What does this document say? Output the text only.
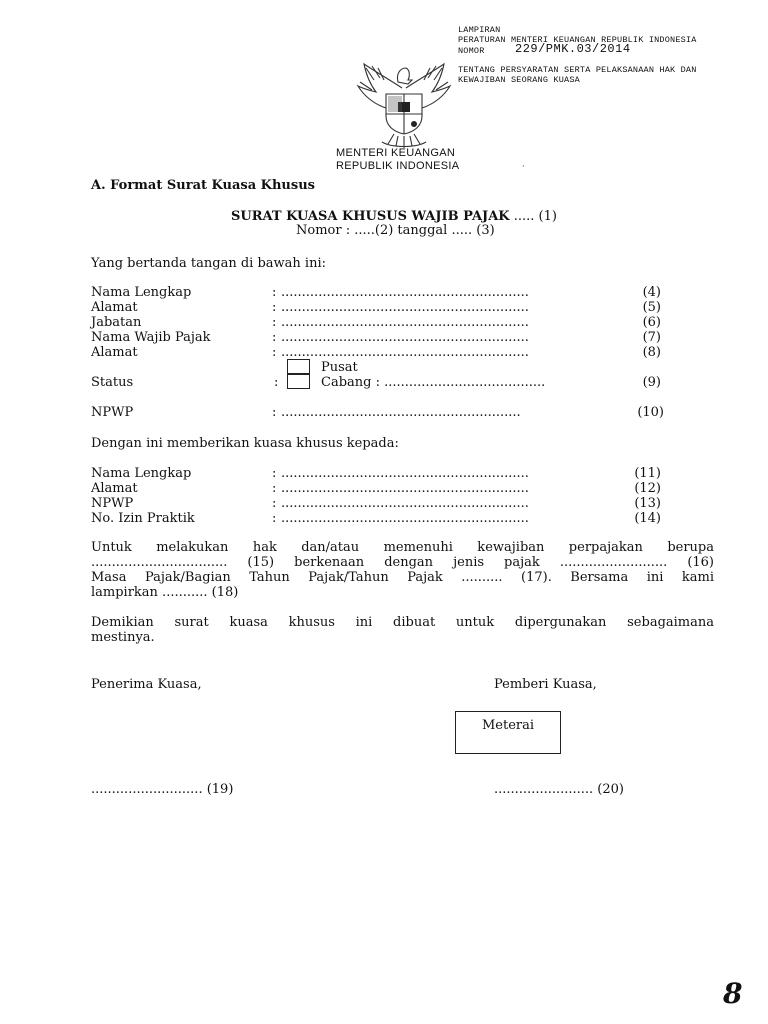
LAMPIRAN
PERATURAN MENTERI KEUANGAN REPUBLIK INDONESIA
NOMOR	229/PMK.03/2014
TENTANG PERSYARATAN SERTA PELAKSANAAN HAK DAN
KEWAJIBAN SEORANG KUASA
MENTERI KEUANGAN
REPUBLIK INDONESIA	·
A. Format Surat Kuasa Khusus
SURAT KUASA KHUSUS WAJIB PAJAK ..... (1)
Nomor : .....(2) tanggal ..... (3)
Yang bertanda tangan di bawah ini:
Nama Lengkap	: ............................................................	(4)
Alamat	: ............................................................	(5)
Jabatan	: ............................................................	(6)
Nama Wajib Pajak	: ............................................................	(7)
Alamat	: ............................................................	(8)
Pusat
Status	:	Cabang : .......................................	(9)
NPWP	: ..........................................................	(10)
Dengan ini memberikan kuasa khusus kepada:
Nama Lengkap	: ............................................................	(11)
Alamat	: ............................................................	(12)
NPWP	: ............................................................	(13)
No. Izin Praktik	: ............................................................	(14)
Untuk melakukan hak dan/atau memenuhi kewajiban perpajakan berupa
................................. (15) berkenaan dengan jenis pajak .......................... (16)
Masa Pajak/Bagian Tahun Pajak/Tahun Pajak .......... (17). Bersama ini kami
lampirkan ........... (18)
Demikian surat kuasa khusus ini dibuat untuk dipergunakan sebagaimana
mestinya.
Penerima Kuasa,	Pemberi Kuasa,
Meterai
........................... (19)	........................ (20)
8
